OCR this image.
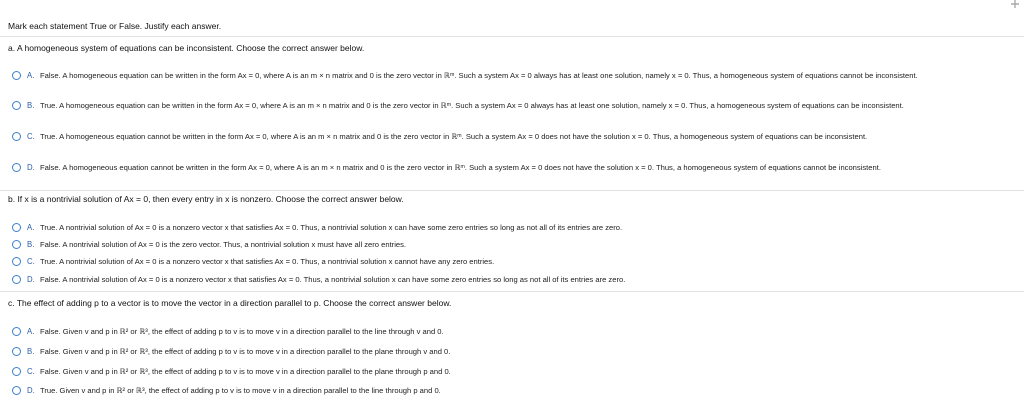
Mark each statement True or False. Justify each answer.
a. A homogeneous system of equations can be inconsistent. Choose the correct answer below.
A. False. A homogeneous equation can be written in the form Ax = 0, where A is an m × n matrix and 0 is the zero vector in ℝᵐ. Such a system Ax = 0 always has at least one solution, namely x = 0. Thus, a homogeneous system of equations cannot be inconsistent.
B. True. A homogeneous equation can be written in the form Ax = 0, where A is an m × n matrix and 0 is the zero vector in ℝᵐ. Such a system Ax = 0 always has at least one solution, namely x = 0. Thus, a homogeneous system of equations can be inconsistent.
C. True. A homogeneous equation cannot be written in the form Ax = 0, where A is an m × n matrix and 0 is the zero vector in ℝᵐ. Such a system Ax = 0 does not have the solution x = 0. Thus, a homogeneous system of equations can be inconsistent.
D. False. A homogeneous equation cannot be written in the form Ax = 0, where A is an m × n matrix and 0 is the zero vector in ℝᵐ. Such a system Ax = 0 does not have the solution x = 0. Thus, a homogeneous system of equations cannot be inconsistent.
b. If x is a nontrivial solution of Ax = 0, then every entry in x is nonzero. Choose the correct answer below.
A. True. A nontrivial solution of Ax = 0 is a nonzero vector x that satisfies Ax = 0. Thus, a nontrivial solution x can have some zero entries so long as not all of its entries are zero.
B. False. A nontrivial solution of Ax = 0 is the zero vector. Thus, a nontrivial solution x must have all zero entries.
C. True. A nontrivial solution of Ax = 0 is a nonzero vector x that satisfies Ax = 0. Thus, a nontrivial solution x cannot have any zero entries.
D. False. A nontrivial solution of Ax = 0 is a nonzero vector x that satisfies Ax = 0. Thus, a nontrivial solution x can have some zero entries so long as not all of its entries are zero.
c. The effect of adding p to a vector is to move the vector in a direction parallel to p. Choose the correct answer below.
A. False. Given v and p in ℝ² or ℝ³, the effect of adding p to v is to move v in a direction parallel to the line through v and 0.
B. False. Given v and p in ℝ² or ℝ³, the effect of adding p to v is to move v in a direction parallel to the plane through v and 0.
C. False. Given v and p in ℝ² or ℝ³, the effect of adding p to v is to move v in a direction parallel to the plane through p and 0.
D. True. Given v and p in ℝ² or ℝ³, the effect of adding p to v is to move v in a direction parallel to the line through p and 0.
